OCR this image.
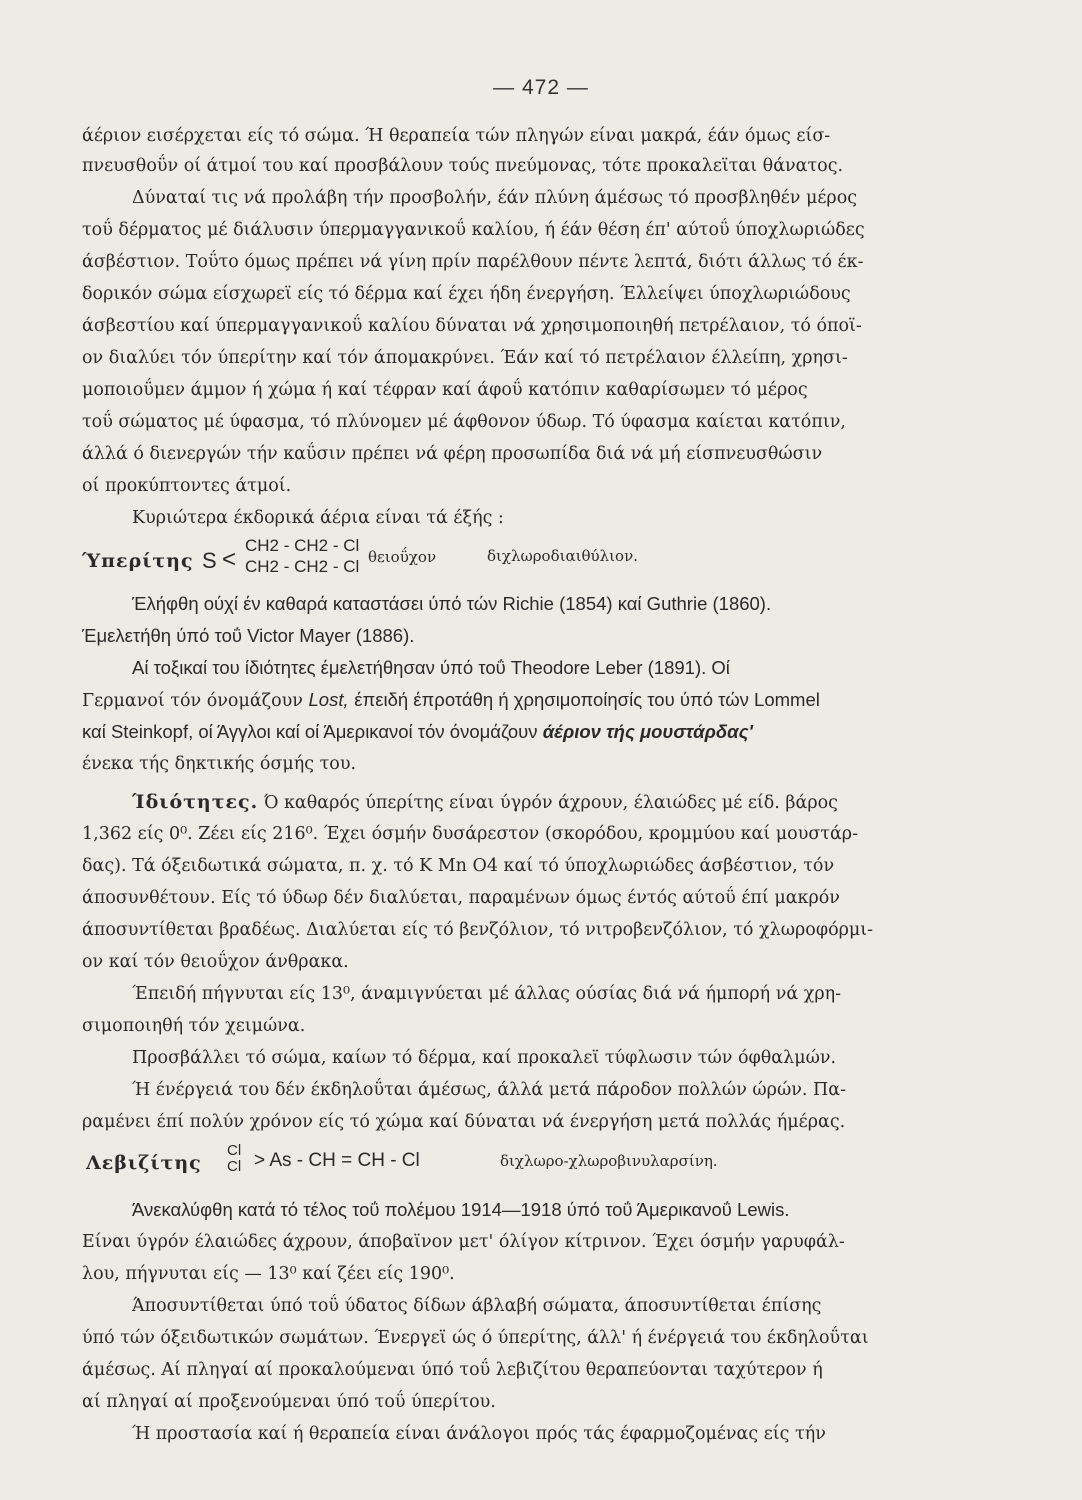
— 472 —
άέριον εισέρχεται είς τό σώμα. Ή θεραπεία τών πληγών είναι μακρά, έάν όμως είσ-
πνευσθοΰν οί άτμοί του καί προσβάλουν τούς πνεύμονας, τότε προκαλεϊται θάνατος.
Δύναταί τις νά προλάβη τήν προσβολήν, έάν πλύνη άμέσως τό προσβληθέν μέρος
τοΰ δέρματος μέ διάλυσιν ύπερμαγγανικοΰ καλίου, ή έάν θέση έπ' αύτοΰ ύποχλωριώδες
άσβέστιον. Τοΰτο όμως πρέπει νά γίνη πρίν παρέλθουν πέντε λεπτά, διότι άλλως τό έκ-
δορικόν σώμα είσχωρεϊ είς τό δέρμα καί έχει ήδη ένεργήση. Έλλείψει ύποχλωριώδους
άσβεστίου καί ύπερμαγγανικοΰ καλίου δύναται νά χρησιμοποιηθή πετρέλαιον, τό όποϊ-
ον διαλύει τόν ύπερίτην καί τόν άπομακρύνει. Έάν καί τό πετρέλαιον έλλείπη, χρησι-
μοποιοΰμεν άμμον ή χώμα ή καί τέφραν καί άφοΰ κατόπιν καθαρίσωμεν τό μέρος
τοΰ σώματος μέ ύφασμα, τό πλύνομεν μέ άφθονον ύδωρ. Τό ύφασμα καίεται κατόπιν,
άλλά ό διενεργών τήν καΰσιν πρέπει νά φέρη προσωπίδα διά νά μή είσπνευσθώσιν
οί προκύπτοντες άτμοί.
Κυριώτερα έκδορικά άέρια είναι τά έξής :
Ύπερίτης S <
CH2 - CH2 - Cl
CH2 - CH2 - Cl θειοΰχον	διχλωροδιαιθύλιον.
Έλήφθη ούχί έν καθαρά καταστάσει ύπό τών Richie (1854) καί Guthrie (1860).
Έμελετήθη ύπό τοΰ Victor Mayer (1886).
Αί τοξικαί του ίδιότητες έμελετήθησαν ύπό τοΰ Theodore Leber (1891). Οί
Γερμανοί τόν όνομάζουν Lost, έπειδή έπροτάθη ή χρησιμοποίησίς του ύπό τών Lommel
καί Steinkopf, οί Άγγλοι καί οί Άμερικανοί τόν όνομάζουν άέριον τής μουστάρδας'
ένεκα τής δηκτικής όσμής του.
Ίδιότητες. Ό καθαρός ύπερίτης είναι ύγρόν άχρουν, έλαιώδες μέ είδ. βάρος
1,362 είς 0⁰. Ζέει είς 216⁰. Έχει όσμήν δυσάρεστον (σκορόδου, κρομμύου καί μουστάρ-
δας). Τά όξειδωτικά σώματα, π. χ. τό K Mn O4 καί τό ύποχλωριώδες άσβέστιον, τόν
άποσυνθέτουν. Είς τό ύδωρ δέν διαλύεται, παραμένων όμως έντός αύτοΰ έπί μακρόν
άποσυντίθεται βραδέως. Διαλύεται είς τό βενζόλιον, τό νιτροβενζόλιον, τό χλωροφόρμι-
ον καί τόν θειοΰχον άνθρακα.
Έπειδή πήγνυται είς 13⁰, άναμιγνύεται μέ άλλας ούσίας διά νά ήμπορή νά χρη-
σιμοποιηθή τόν χειμώνα.
Προσβάλλει τό σώμα, καίων τό δέρμα, καί προκαλεϊ τύφλωσιν τών όφθαλμών.
Ή ένέργειά του δέν έκδηλοΰται άμέσως, άλλά μετά πάροδον πολλών ώρών. Πα-
ραμένει έπί πολύν χρόνον είς τό χώμα καί δύναται νά ένεργήση μετά πολλάς ήμέρας.
Λεβιζίτης
Cl
Cl > As - CH = CH - Cl	διχλωρο-χλωροβινυλαρσίνη.
Άνεκαλύφθη κατά τό τέλος τοΰ πολέμου 1914—1918 ύπό τοΰ Άμερικανοΰ Lewis.
Είναι ύγρόν έλαιώδες άχρουν, άποβαϊνον μετ' όλίγον κίτρινον. Έχει όσμήν γαρυφάλ-
λου, πήγνυται είς — 13⁰ καί ζέει είς 190⁰.
Άποσυντίθεται ύπό τοΰ ύδατος δίδων άβλαβή σώματα, άποσυντίθεται έπίσης
ύπό τών όξειδωτικών σωμάτων. Ένεργεϊ ώς ό ύπερίτης, άλλ' ή ένέργειά του έκδηλοΰται
άμέσως. Αί πληγαί αί προκαλούμεναι ύπό τοΰ λεβιζίτου θεραπεύονται ταχύτερον ή
αί πληγαί αί προξενούμεναι ύπό τοΰ ύπερίτου.
Ή προστασία καί ή θεραπεία είναι άνάλογοι πρός τάς έφαρμοζομένας είς τήν
